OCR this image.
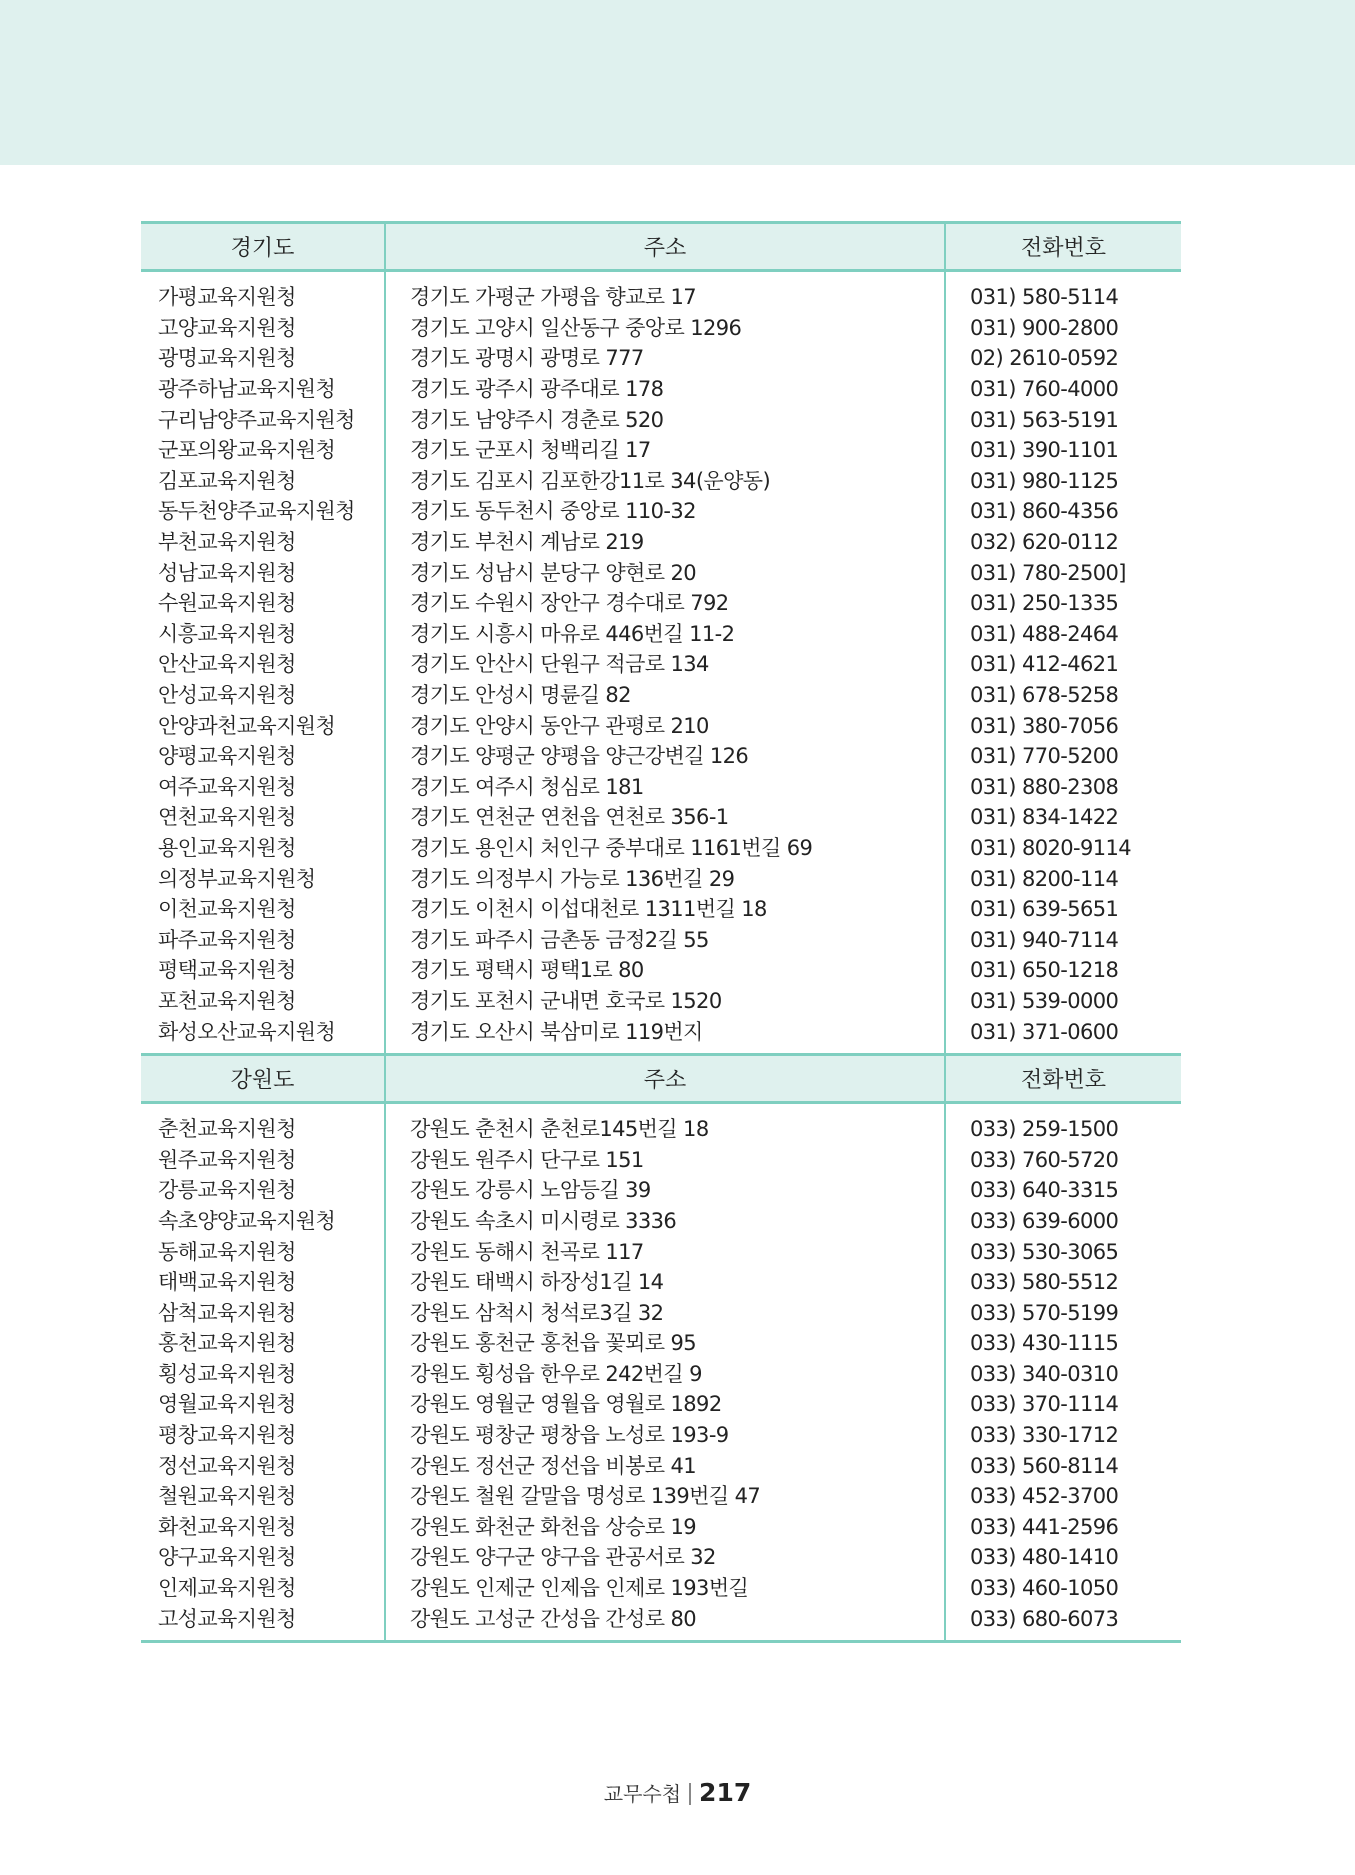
경기도	주소	전화번호
가평교육지원청	경기도 가평군 가평읍 향교로 17	031) 580-5114
고양교육지원청	경기도 고양시 일산동구 중앙로 1296	031) 900-2800
광명교육지원청	경기도 광명시 광명로 777	02) 2610-0592
광주하남교육지원청	경기도 광주시 광주대로 178	031) 760-4000
구리남양주교육지원청	경기도 남양주시 경춘로 520	031) 563-5191
군포의왕교육지원청	경기도 군포시 청백리길 17	031) 390-1101
김포교육지원청	경기도 김포시 김포한강11로 34(운양동)	031) 980-1125
동두천양주교육지원청	경기도 동두천시 중앙로 110-32	031) 860-4356
부천교육지원청	경기도 부천시 계남로 219	032) 620-0112
성남교육지원청	경기도 성남시 분당구 양현로 20	031) 780-2500]
수원교육지원청	경기도 수원시 장안구 경수대로 792	031) 250-1335
시흥교육지원청	경기도 시흥시 마유로 446번길 11-2	031) 488-2464
안산교육지원청	경기도 안산시 단원구 적금로 134	031) 412-4621
안성교육지원청	경기도 안성시 명륜길 82	031) 678-5258
안양과천교육지원청	경기도 안양시 동안구 관평로 210	031) 380-7056
양평교육지원청	경기도 양평군 양평읍 양근강변길 126	031) 770-5200
여주교육지원청	경기도 여주시 청심로 181	031) 880-2308
연천교육지원청	경기도 연천군 연천읍 연천로 356-1	031) 834-1422
용인교육지원청	경기도 용인시 처인구 중부대로 1161번길 69	031) 8020-9114
의정부교육지원청	경기도 의정부시 가능로 136번길 29	031) 8200-114
이천교육지원청	경기도 이천시 이섭대천로 1311번길 18	031) 639-5651
파주교육지원청	경기도 파주시 금촌동 금정2길 55	031) 940-7114
평택교육지원청	경기도 평택시 평택1로 80	031) 650-1218
포천교육지원청	경기도 포천시 군내면 호국로 1520	031) 539-0000
화성오산교육지원청	경기도 오산시 북삼미로 119번지	031) 371-0600
강원도	주소	전화번호
춘천교육지원청	강원도 춘천시 춘천로145번길 18	033) 259-1500
원주교육지원청	강원도 원주시 단구로 151	033) 760-5720
강릉교육지원청	강원도 강릉시 노암등길 39	033) 640-3315
속초양양교육지원청	강원도 속초시 미시령로 3336	033) 639-6000
동해교육지원청	강원도 동해시 천곡로 117	033) 530-3065
태백교육지원청	강원도 태백시 하장성1길 14	033) 580-5512
삼척교육지원청	강원도 삼척시 청석로3길 32	033) 570-5199
홍천교육지원청	강원도 홍천군 홍천읍 꽃뫼로 95	033) 430-1115
횡성교육지원청	강원도 횡성읍 한우로 242번길 9	033) 340-0310
영월교육지원청	강원도 영월군 영월읍 영월로 1892	033) 370-1114
평창교육지원청	강원도 평창군 평창읍 노성로 193-9	033) 330-1712
정선교육지원청	강원도 정선군 정선읍 비봉로 41	033) 560-8114
철원교육지원청	강원도 철원 갈말읍 명성로 139번길 47	033) 452-3700
화천교육지원청	강원도 화천군 화천읍 상승로 19	033) 441-2596
양구교육지원청	강원도 양구군 양구읍 관공서로 32	033) 480-1410
인제교육지원청	강원도 인제군 인제읍 인제로 193번길	033) 460-1050
고성교육지원청	강원도 고성군 간성읍 간성로 80	033) 680-6073
교무수첩 217
